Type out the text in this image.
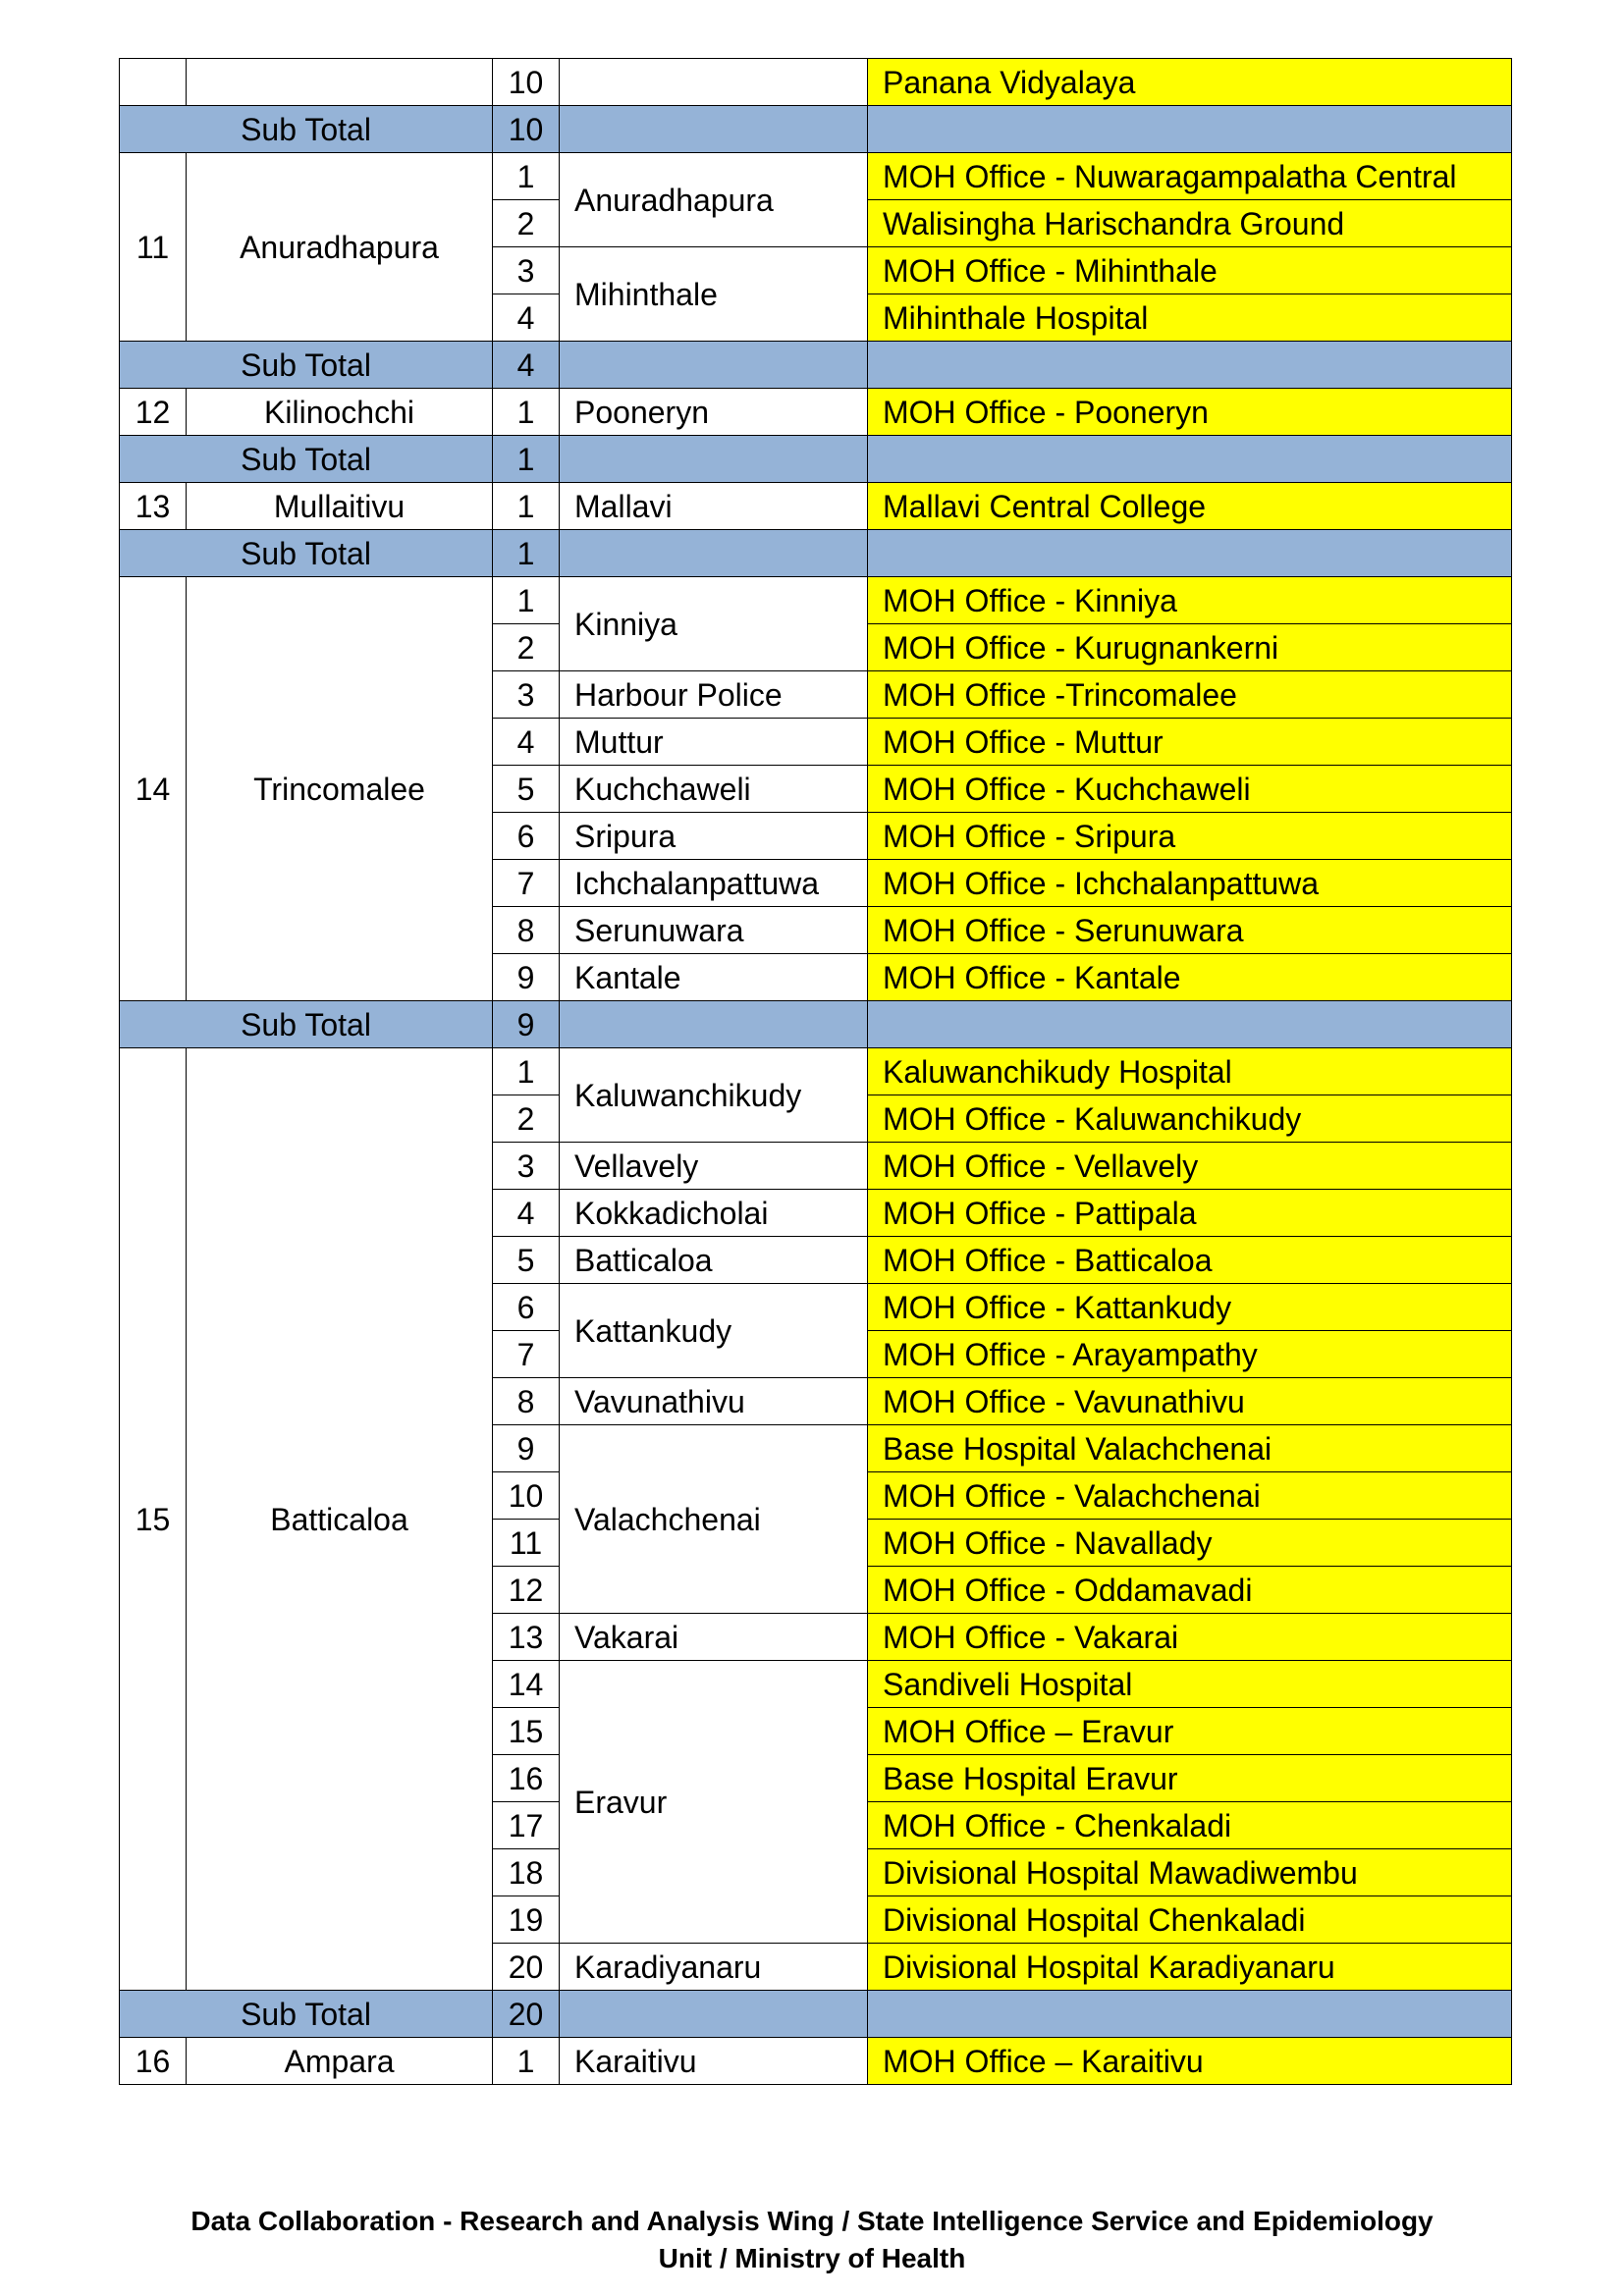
		10		Panana Vidyalaya
Sub Total		10		
11	Anuradhapura	1	Anuradhapura	MOH Office - Nuwaragampalatha Central
		2		Walisingha Harischandra Ground
		3	Mihinthale	MOH Office - Mihinthale
		4		Mihinthale Hospital
Sub Total		4		
12	Kilinochchi	1	Pooneryn	MOH Office - Pooneryn
Sub Total		1		
13	Mullaitivu	1	Mallavi	Mallavi Central College
Sub Total		1		
14	Trincomalee	1	Kinniya	MOH Office - Kinniya
		2		MOH Office - Kurugnankerni
		3	Harbour Police	MOH Office -Trincomalee
		4	Muttur	MOH Office - Muttur
		5	Kuchchaweli	MOH Office - Kuchchaweli
		6	Sripura	MOH Office - Sripura
		7	Ichchalanpattuwa	MOH Office - Ichchalanpattuwa
		8	Serunuwara	MOH Office - Serunuwara
		9	Kantale	MOH Office - Kantale
Sub Total		9		
15	Batticaloa	1	Kaluwanchikudy	Kaluwanchikudy Hospital
		2		MOH Office - Kaluwanchikudy
		3	Vellavely	MOH Office - Vellavely
		4	Kokkadicholai	MOH Office - Pattipala
		5	Batticaloa	MOH Office - Batticaloa
		6	Kattankudy	MOH Office - Kattankudy
		7		MOH Office - Arayampathy
		8	Vavunathivu	MOH Office - Vavunathivu
		9	Valachchenai	Base Hospital Valachchenai
		10		MOH Office - Valachchenai
		11		MOH Office - Navallady
		12		MOH Office - Oddamavadi
		13	Vakarai	MOH Office - Vakarai
		14	Eravur	Sandiveli Hospital
		15		MOH Office – Eravur
		16		Base Hospital Eravur
		17		MOH Office - Chenkaladi
		18		Divisional Hospital Mawadiwembu
		19		Divisional Hospital Chenkaladi
		20	Karadiyanaru	Divisional Hospital Karadiyanaru
Sub Total		20		
16	Ampara	1	Karaitivu	MOH Office – Karaitivu
Data Collaboration - Research and Analysis Wing / State Intelligence Service and Epidemiology
Unit / Ministry of Health
